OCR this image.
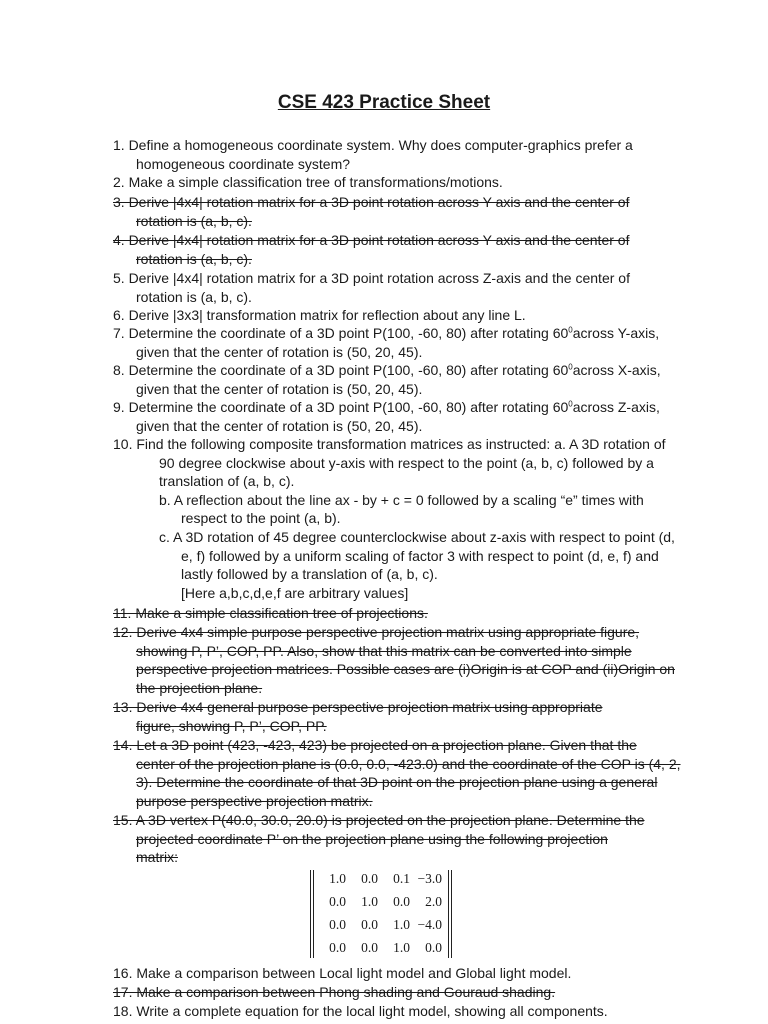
CSE 423 Practice Sheet

1. Define a homogeneous coordinate system. Why does computer-graphics prefer a
homogeneous coordinate system?

2. Make a simple classification tree of transformations/motions.

3. Derive |4x4| rotation matrix for a 3D point rotation across Y axis and the center of
rotation is (a, b, c).

4. Derive |4x4| rotation matrix for a 3D point rotation across Y axis and the center of
rotation is (a, b, c).

5. Derive |4x4| rotation matrix for a 3D point rotation across Z-axis and the center of
rotation is (a, b, c).

6. Derive |3x3| transformation matrix for reflection about any line L.

7. Determine the coordinate of a 3D point P(100, -60, 80) after rotating $60^0across$ Y-axis,
given that the center of rotation is (50, 20, 45).

8. Determine the coordinate of a 3D point P(100, -60, 80) after rotating $60^0across$ X-axis,
given that the center of rotation is (50, 20, 45).

9. Determine the coordinate of a 3D point P(100, -60, 80) after rotating $60^0across$ Z-axis,
given that the center of rotation is (50, 20, 45).

10. Find the following composite transformation matrices as instructed: a. A 3D rotation of
90 degree clockwise about y-axis with respect to the point (a, b, c) followed by a
translation of (a, b, c).
b. A reflection about the line ax - by + c = 0 followed by a scaling “e” times with
respect to the point (a, b).
c. A 3D rotation of 45 degree counterclockwise about z-axis with respect to point (d,
e, f) followed by a uniform scaling of factor 3 with respect to point (d, e, f) and
lastly followed by a translation of (a, b, c).
[Here a,b,c,d,e,f are arbitrary values]

11. Make a simple classification tree of projections.

12. Derive 4x4 simple purpose perspective projection matrix using appropriate figure,
showing P, P’, COP, PP. Also, show that this matrix can be converted into simple
perspective projection matrices. Possible cases are (i)Origin is at COP and (ii)Origin on
the projection plane.

13. Derive 4x4 general purpose perspective projection matrix using appropriate
figure, showing P, P’, COP, PP.

14. Let a 3D point (423, -423, 423) be projected on a projection plane. Given that the
center of the projection plane is (0.0, 0.0, -423.0) and the coordinate of the COP is (4, 2,
3). Determine the coordinate of that 3D point on the projection plane using a general
purpose perspective projection matrix.

15. A 3D vertex P(40.0, 30.0, 20.0) is projected on the projection plane. Determine the
projected coordinate P’ on the projection plane using the following projection
matrix:

1.0	0.0	0.1	−3.0
0.0	1.0	0.0	2.0
0.0	0.0	1.0	−4.0
0.0	0.0	1.0	0.0

16. Make a comparison between Local light model and Global light model.

17. Make a comparison between Phong shading and Gouraud shading.

18. Write a complete equation for the local light model, showing all components.
